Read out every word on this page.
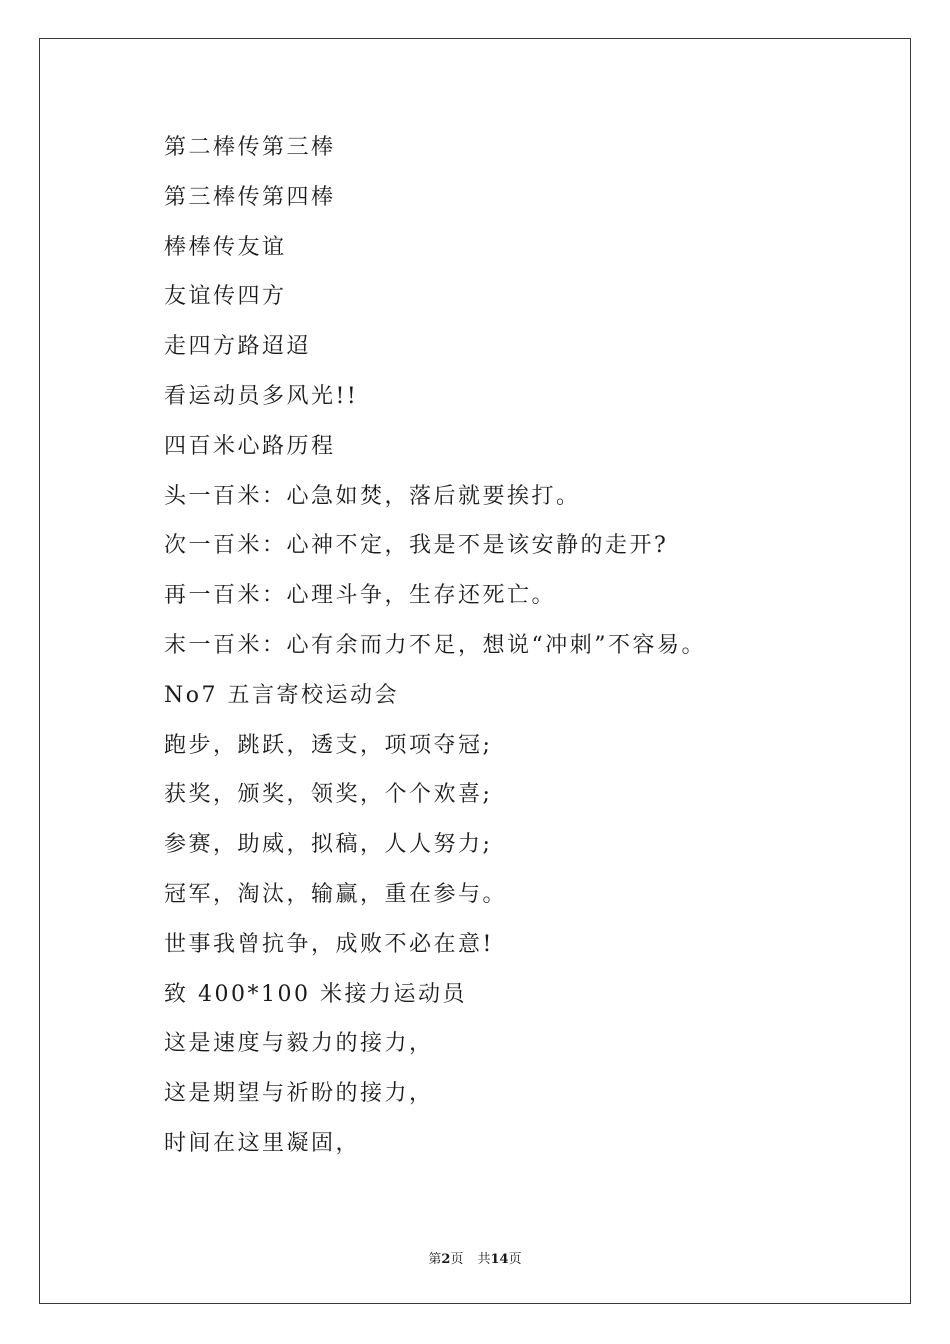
第二棒传第三棒
第三棒传第四棒
棒棒传友谊
友谊传四方
走四方路迢迢
看运动员多风光!!
四百米心路历程
头一百米：心急如焚，落后就要挨打。
次一百米：心神不定，我是不是该安静的走开?
再一百米：心理斗争，生存还死亡。
末一百米：心有余而力不足，想说“冲刺”不容易。
No7 五言寄校运动会
跑步，跳跃，透支，项项夺冠;
获奖，颁奖，领奖，个个欢喜;
参赛，助威，拟稿，人人努力;
冠军，淘汰，输赢，重在参与。
世事我曾抗争，成败不必在意!
致 400*100 米接力运动员
这是速度与毅力的接力，
这是期望与祈盼的接力，
时间在这里凝固，
第2页 共14页
